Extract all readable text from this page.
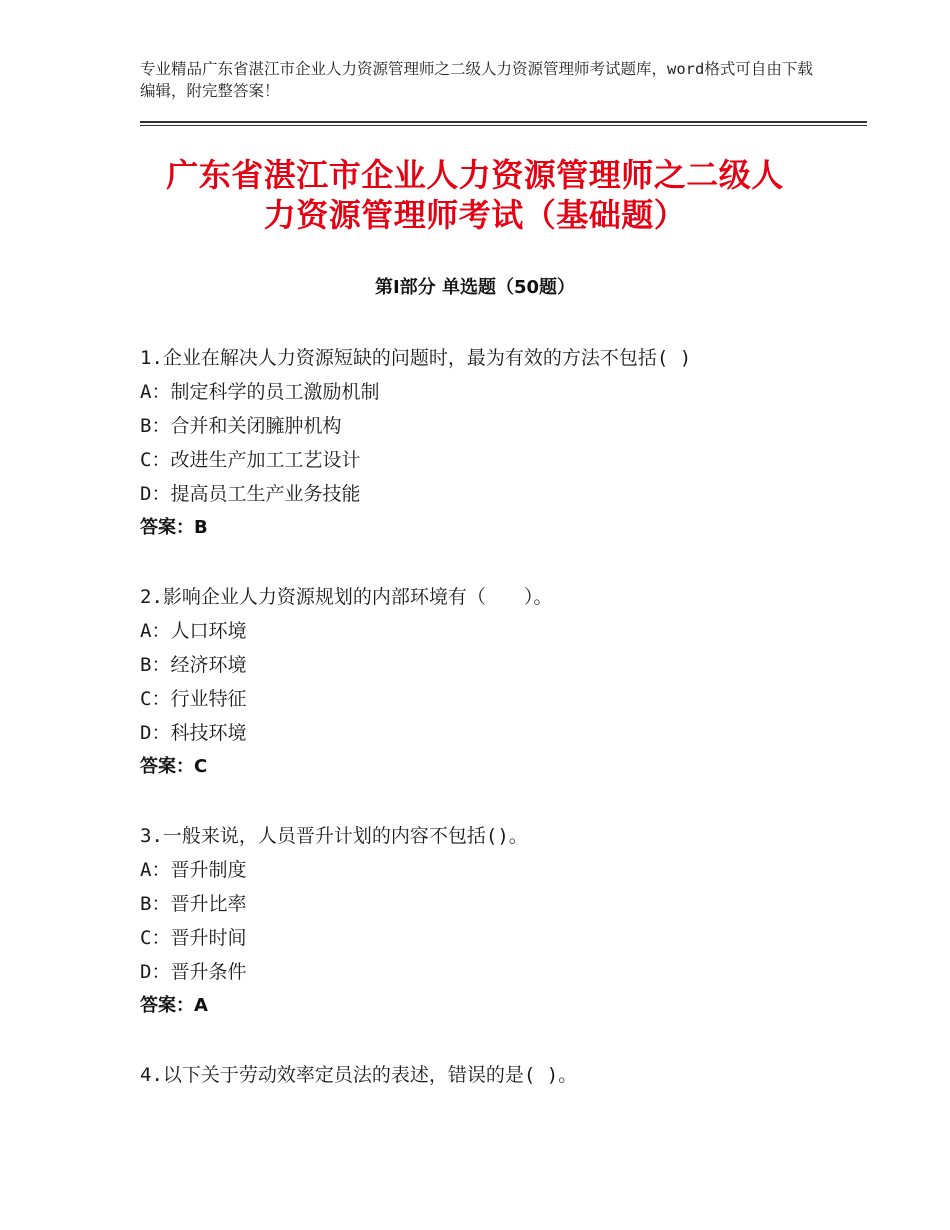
专业精品广东省湛江市企业人力资源管理师之二级人力资源管理师考试题库，word格式可自由下载编辑，附完整答案！
广东省湛江市企业人力资源管理师之二级人
力资源管理师考试（基础题）
第Ⅰ部分 单选题（50题）
1.企业在解决人力资源短缺的问题时，最为有效的方法不包括( )
A：制定科学的员工激励机制
B：合并和关闭臃肿机构
C：改进生产加工工艺设计
D：提高员工生产业务技能
答案：B
2.影响企业人力资源规划的内部环境有（　　）。
A：人口环境
B：经济环境
C：行业特征
D：科技环境
答案：C
3.一般来说，人员晋升计划的内容不包括()。
A：晋升制度
B：晋升比率
C：晋升时间
D：晋升条件
答案：A
4.以下关于劳动效率定员法的表述，错误的是( )。
